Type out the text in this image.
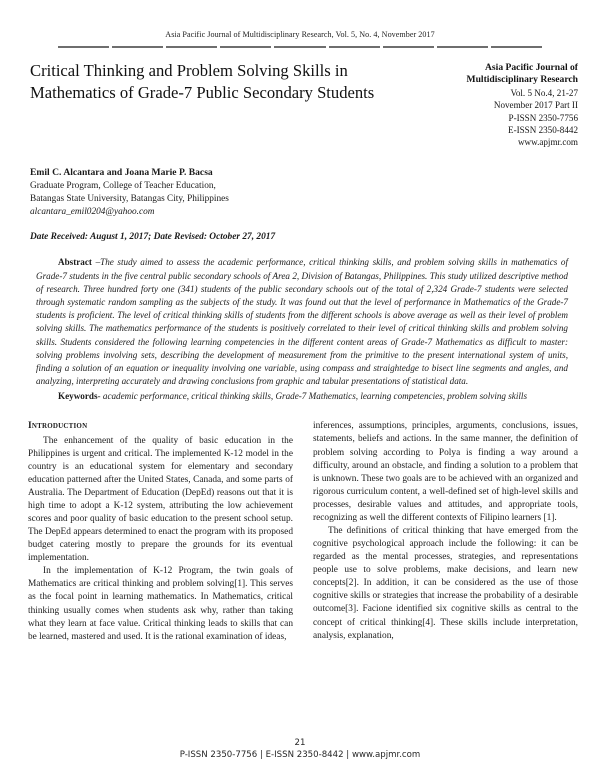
Asia Pacific Journal of Multidisciplinary Research, Vol. 5, No. 4, November 2017
Critical Thinking and Problem Solving Skills in Mathematics of Grade-7 Public Secondary Students
Asia Pacific Journal of
Multidisciplinary Research
Vol. 5 No.4, 21-27
November 2017 Part II
P-ISSN 2350-7756
E-ISSN 2350-8442
www.apjmr.com
Emil C. Alcantara and Joana Marie P. Bacsa
Graduate Program, College of Teacher Education,
Batangas State University, Batangas City, Philippines
alcantara_emil0204@yahoo.com
Date Received: August 1, 2017; Date Revised: October 27, 2017

Abstract –The study aimed to assess the academic performance, critical thinking skills, and problem solving skills in mathematics of Grade-7 students in the five central public secondary schools of Area 2, Division of Batangas, Philippines. This study utilized descriptive method of research. Three hundred forty one (341) students of the public secondary schools out of the total of 2,324 Grade-7 students were selected through systematic random sampling as the subjects of the study. It was found out that the level of performance in Mathematics of the Grade-7 students is proficient. The level of critical thinking skills of students from the different schools is above average as well as their level of problem solving skills. The mathematics performance of the students is positively correlated to their level of critical thinking skills and problem solving skills. Students considered the following learning competencies in the different content areas of Grade-7 Mathematics as difficult to master: solving problems involving sets, describing the development of measurement from the primitive to the present international system of units, finding a solution of an equation or inequality involving one variable, using compass and straightedge to bisect line segments and angles, and analyzing, interpreting accurately and drawing conclusions from graphic and tabular presentations of statistical data.

Keywords- academic performance, critical thinking skills, Grade-7 Mathematics, learning competencies, problem solving skills
Introduction

The enhancement of the quality of basic education in the Philippines is urgent and critical. The implemented K-12 model in the country is an educational system for elementary and secondary education patterned after the United States, Canada, and some parts of Australia. The Department of Education (DepEd) reasons out that it is high time to adopt a K-12 system, attributing the low achievement scores and poor quality of basic education to the present school setup. The DepEd appears determined to enact the program with its proposed budget catering mostly to prepare the grounds for its eventual implementation.

In the implementation of K-12 Program, the twin goals of Mathematics are critical thinking and problem solving[1]. This serves as the focal point in learning mathematics. In Mathematics, critical thinking usually comes when students ask why, rather than taking what they learn at face value. Critical thinking leads to skills that can be learned, mastered and used. It is the rational examination of ideas,

inferences, assumptions, principles, arguments, conclusions, issues, statements, beliefs and actions. In the same manner, the definition of problem solving according to Polya is finding a way around a difficulty, around an obstacle, and finding a solution to a problem that is unknown. These two goals are to be achieved with an organized and rigorous curriculum content, a well-defined set of high-level skills and processes, desirable values and attitudes, and appropriate tools, recognizing as well the different contexts of Filipino learners [1].

The definitions of critical thinking that have emerged from the cognitive psychological approach include the following: it can be regarded as the mental processes, strategies, and representations people use to solve problems, make decisions, and learn new concepts[2]. In addition, it can be considered as the use of those cognitive skills or strategies that increase the probability of a desirable outcome[3]. Facione identified six cognitive skills as central to the concept of critical thinking[4]. These skills include interpretation, analysis, explanation,

21
P-ISSN 2350-7756 | E-ISSN 2350-8442 | www.apjmr.com
